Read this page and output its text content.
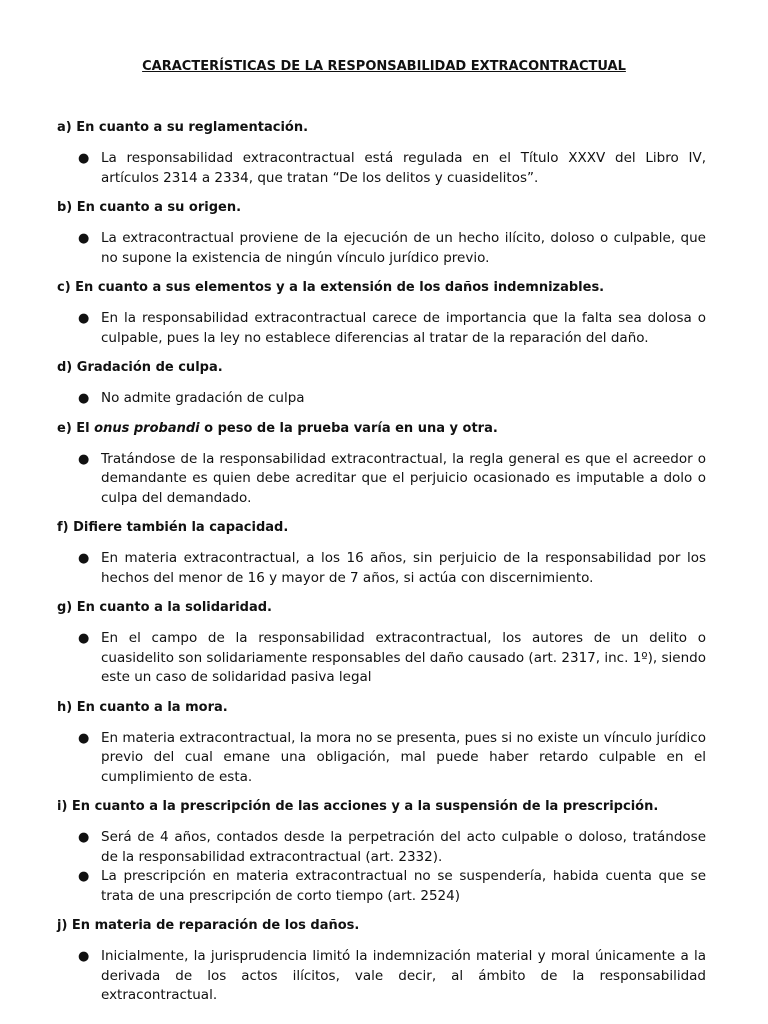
CARACTERÍSTICAS DE LA RESPONSABILIDAD EXTRACONTRACTUAL
a) En cuanto a su reglamentación.
● La responsabilidad extracontractual está regulada en el Título XXXV del Libro IV, artículos 2314 a 2334, que tratan “De los delitos y cuasidelitos”.
b) En cuanto a su origen.
● La extracontractual proviene de la ejecución de un hecho ilícito, doloso o culpable, que no supone la existencia de ningún vínculo jurídico previo.
c) En cuanto a sus elementos y a la extensión de los daños indemnizables.
● En la responsabilidad extracontractual carece de importancia que la falta sea dolosa o culpable, pues la ley no establece diferencias al tratar de la reparación del daño.
d) Gradación de culpa.
● No admite gradación de culpa
e) El onus probandi o peso de la prueba varía en una y otra.
● Tratándose de la responsabilidad extracontractual, la regla general es que el acreedor o demandante es quien debe acreditar que el perjuicio ocasionado es imputable a dolo o culpa del demandado.
f) Difiere también la capacidad.
● En materia extracontractual, a los 16 años, sin perjuicio de la responsabilidad por los hechos del menor de 16 y mayor de 7 años, si actúa con discernimiento.
g) En cuanto a la solidaridad.
● En el campo de la responsabilidad extracontractual, los autores de un delito o cuasidelito son solidariamente responsables del daño causado (art. 2317, inc. 1º), siendo este un caso de solidaridad pasiva legal
h) En cuanto a la mora.
● En materia extracontractual, la mora no se presenta, pues si no existe un vínculo jurídico previo del cual emane una obligación, mal puede haber retardo culpable en el cumplimiento de esta.
i) En cuanto a la prescripción de las acciones y a la suspensión de la prescripción.
● Será de 4 años, contados desde la perpetración del acto culpable o doloso, tratándose de la responsabilidad extracontractual (art. 2332).
● La prescripción en materia extracontractual no se suspendería, habida cuenta que se trata de una prescripción de corto tiempo (art. 2524)
j) En materia de reparación de los daños.
● Inicialmente, la jurisprudencia limitó la indemnización material y moral únicamente a la derivada de los actos ilícitos, vale decir, al ámbito de la responsabilidad extracontractual.
